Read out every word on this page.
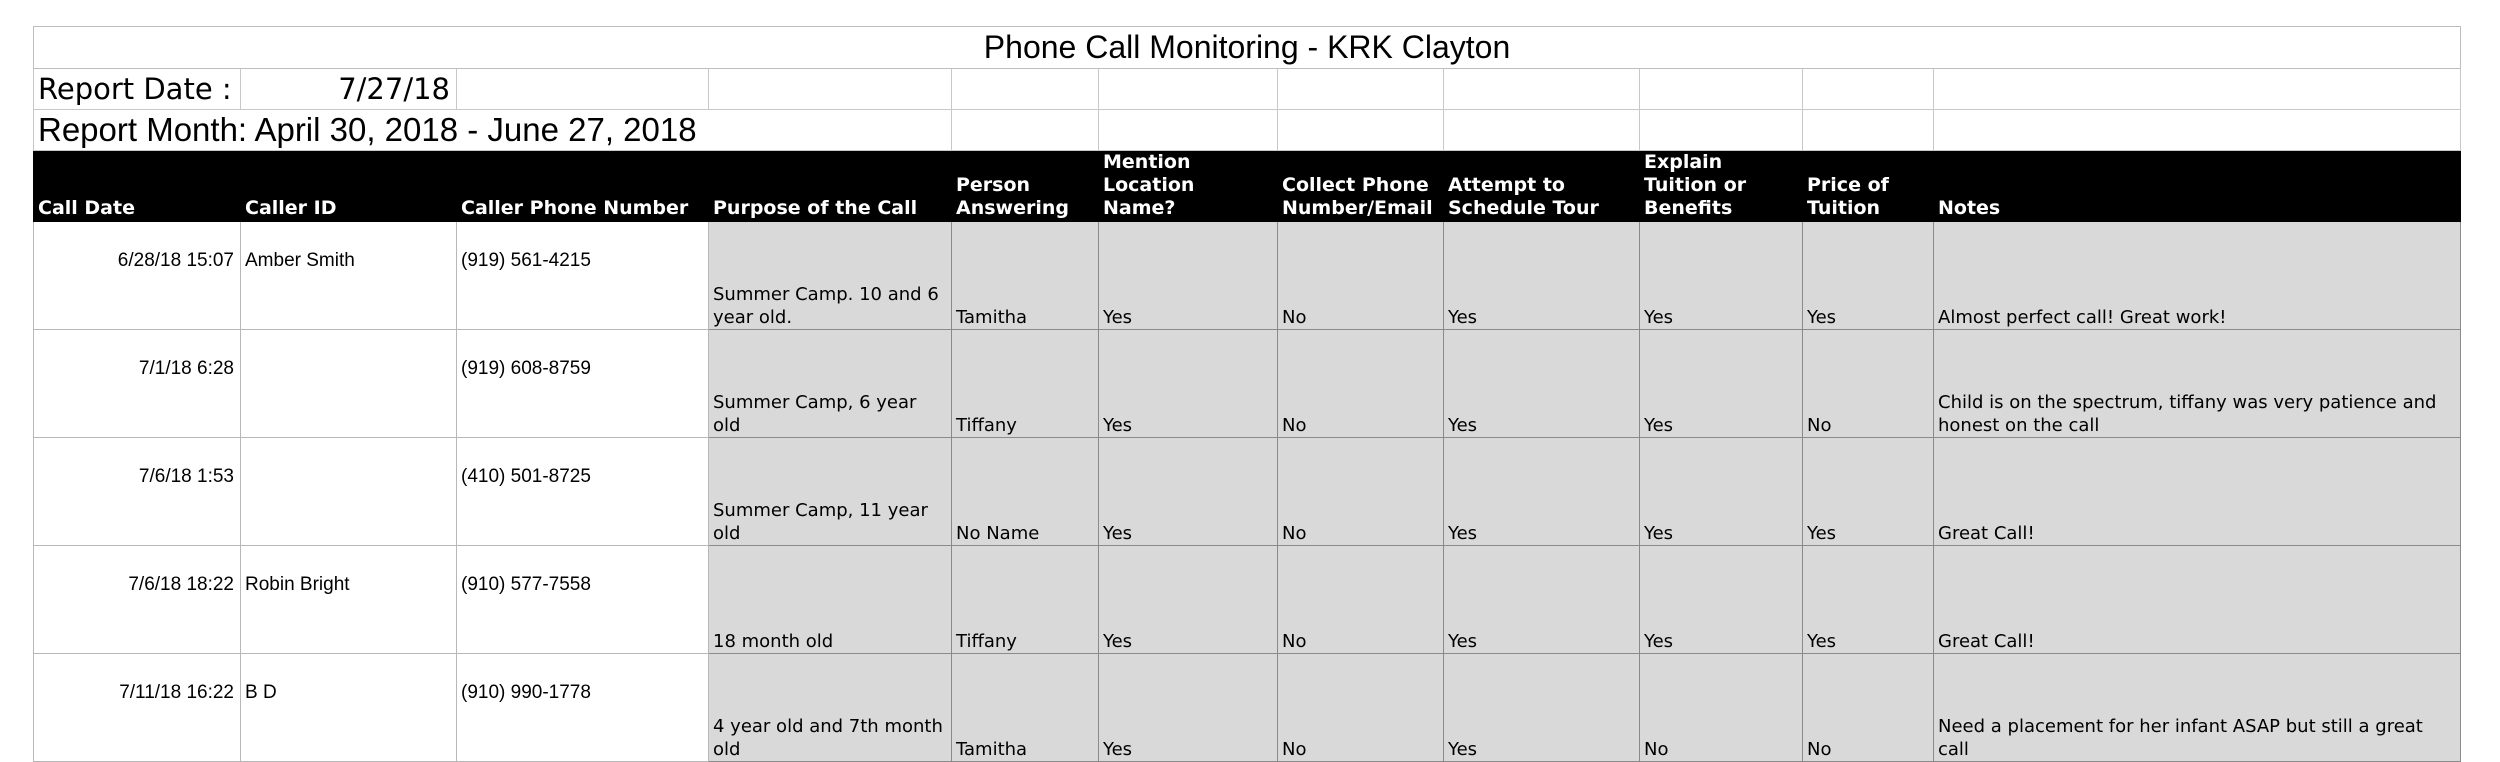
Phone Call Monitoring - KRK Clayton										
Report Date :	7/27/18									
Report Month: April 30, 2018 - June 27, 2018										
Call Date	Caller ID	Caller Phone Number	Purpose of the Call	Person Answering	Mention Location Name?	Collect Phone Number/Email	Attempt to Schedule Tour	Explain Tuition or Benefits	Price of Tuition	Notes
6/28/18 15:07	Amber Smith	(919) 561-4215	Summer Camp. 10 and 6 year old.	Tamitha	Yes	No	Yes	Yes	Yes	Almost perfect call! Great work!
7/1/18 6:28		(919) 608-8759	Summer Camp, 6 year old	Tiffany	Yes	No	Yes	Yes	No	Child is on the spectrum, tiffany was very patience and honest on the call
7/6/18 1:53		(410) 501-8725	Summer Camp, 11 year old	No Name	Yes	No	Yes	Yes	Yes	Great Call!
7/6/18 18:22	Robin Bright	(910) 577-7558	18 month old	Tiffany	Yes	No	Yes	Yes	Yes	Great Call!
7/11/18 16:22	B D	(910) 990-1778	4 year old and 7th month old	Tamitha	Yes	No	Yes	No	No	Need a placement for her infant ASAP but still a great call
